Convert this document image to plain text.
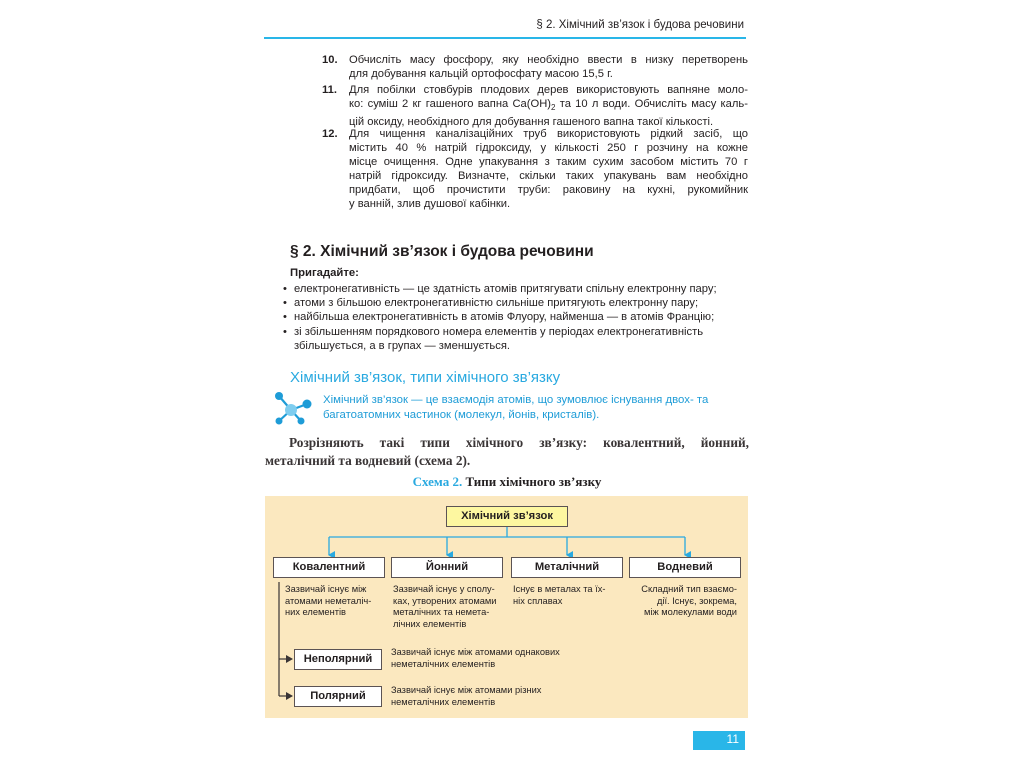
§ 2. Хімічний зв’язок і будова речовини
10.	Обчисліть масу фосфору, яку необхідно ввести в низку перетворень
для добування кальцій ортофосфату масою 15,5 г.
11.	Для побілки стовбурів плодових дерев використовують вапняне моло-
ко: суміш 2 кг гашеного вапна $Ca(OH)_2$ та 10 л води. Обчисліть масу каль-
цій оксиду, необхідного для добування гашеного вапна такої кількості.
12.	Для чищення каналізаційних труб використовують рідкий засіб, що
містить 40 % натрій гідроксиду, у кількості 250 г розчину на кожне
місце очищення. Одне упакування з таким сухим засобом містить 70 г
натрій гідроксиду. Визначте, скільки таких упакувань вам необхідно
придбати, щоб прочистити труби: раковину на кухні, рукомийник
у ванній, злив душової кабінки.
§ 2. Хімічний зв’язок і будова речовини
Пригадайте:
• електронегативність — це здатність атомів притягувати спільну електронну пару;
• атоми з більшою електронегативністю сильніше притягують електронну пару;
• найбільша електронегативність в атомів Флуору, найменша — в атомів Францію;
• зі збільшенням порядкового номера елементів у періодах електронегативність
збільшується, а в групах — зменшується.
Хімічний зв’язок, типи хімічного зв’язку
Хімічний зв’язок — це взаємодія атомів, що зумовлює існування двох- та
багатоатомних частинок (молекул, йонів, кристалів).
Розрізняють такі типи хімічного зв’язку: ковалентний, йонний,
металічний та водневий (схема 2).
Схема 2. Типи хімічного зв’язку
Хімічний зв’язок
Ковалентний	Йонний	Металічний	Водневий
Зазвичай існує між
атомами неметаліч-
них елементів
Зазвичай існує у сполу-
ках, утворених атомами
металічних та немета-
лічних елементів
Існує в металах та їх-
ніх сплавах
Складний тип взаємо-
дії. Існує, зокрема,
між молекулами води
Неполярний
Полярний
Зазвичай існує між атомами однакових
неметалічних елементів
Зазвичай існує між атомами різних
неметалічних елементів
11
